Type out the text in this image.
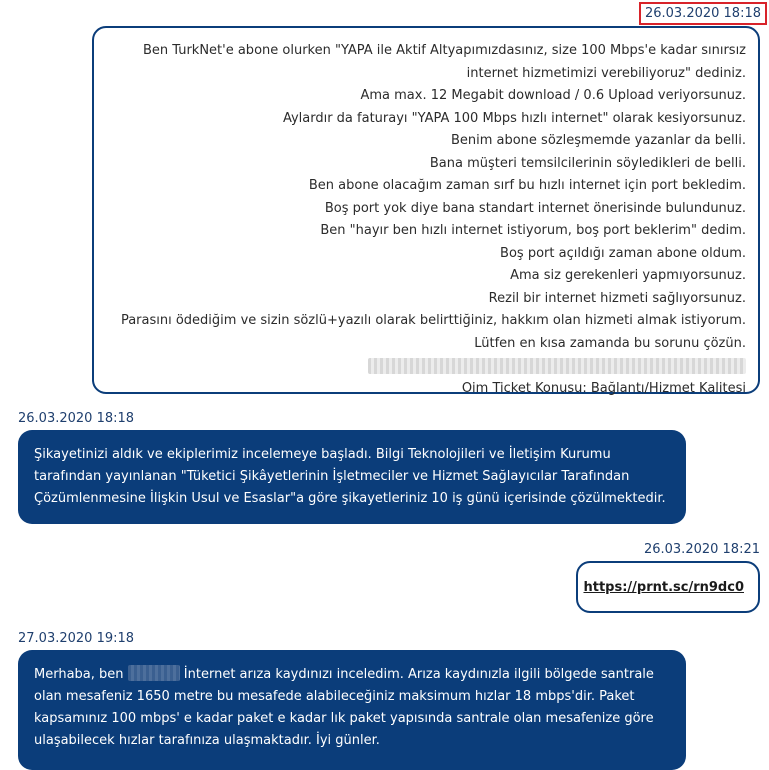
26.03.2020 18:18
Ben TurkNet'e abone olurken "YAPA ile Aktif Altyapımızdasınız, size 100 Mbps'e kadar sınırsız
internet hizmetimizi verebiliyoruz" dediniz.
Ama max. 12 Megabit download / 0.6 Upload veriyorsunuz.
Aylardır da faturayı "YAPA 100 Mbps hızlı internet" olarak kesiyorsunuz.
Benim abone sözleşmemde yazanlar da belli.
Bana müşteri temsilcilerinin söyledikleri de belli.
Ben abone olacağım zaman sırf bu hızlı internet için port bekledim.
Boş port yok diye bana standart internet önerisinde bulundunuz.
Ben "hayır ben hızlı internet istiyorum, boş port beklerim" dedim.
Boş port açıldığı zaman abone oldum.
Ama siz gerekenleri yapmıyorsunuz.
Rezil bir internet hizmeti sağlıyorsunuz.
Parasını ödediğim ve sizin sözlü+yazılı olarak belirttiğiniz, hakkım olan hizmeti almak istiyorum.
Lütfen en kısa zamanda bu sorunu çözün.
Oim Ticket Konusu: Bağlantı/Hizmet Kalitesi
26.03.2020 18:18
Şikayetinizi aldık ve ekiplerimiz incelemeye başladı. Bilgi Teknolojileri ve İletişim Kurumu tarafından yayınlanan "Tüketici Şikâyetlerinin İşletmeciler ve Hizmet Sağlayıcılar Tarafından Çözümlenmesine İlişkin Usul ve Esaslar"a göre şikayetleriniz 10 iş günü içerisinde çözülmektedir.
26.03.2020 18:21
https://prnt.sc/rn9dc0
27.03.2020 19:18
Merhaba, ben	İnternet arıza kaydınızı inceledim. Arıza kaydınızla ilgili bölgede santrale olan mesafeniz 1650 metre bu mesafede alabileceğiniz maksimum hızlar 18 mbps'dir. Paket kapsamınız 100 mbps' e kadar paket e kadar lık paket yapısında santrale olan mesafenize göre ulaşabilecek hızlar tarafınıza ulaşmaktadır. İyi günler.
